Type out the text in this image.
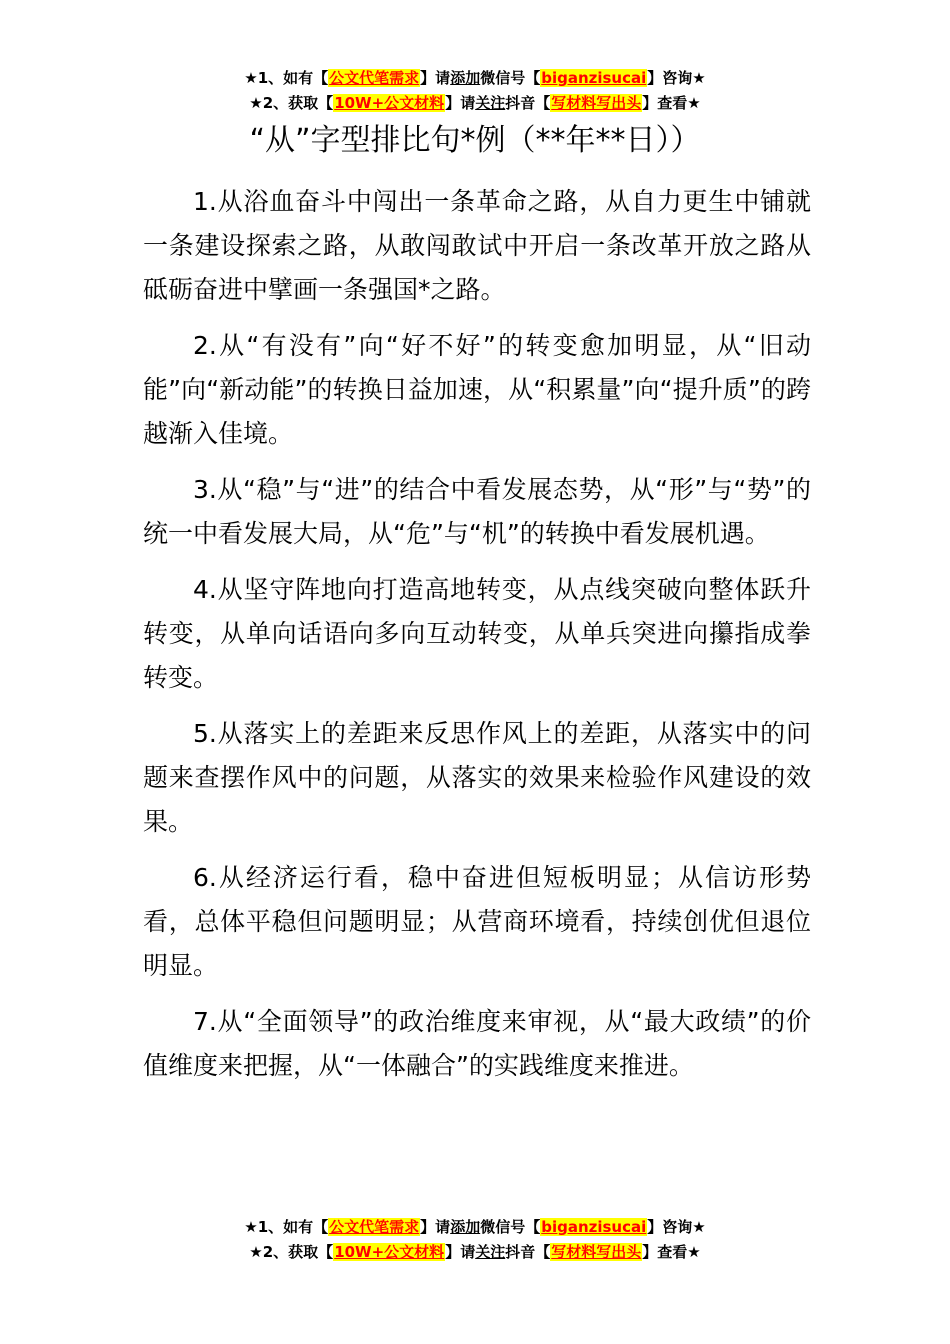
★1、如有【公文代笔需求】请添加微信号【biganzisucai】咨询★
★2、获取【10W+公文材料】请关注抖音【写材料写出头】查看★
“从”字型排比句*例（**年**日））

1.从浴血奋斗中闯出一条革命之路，从自力更生中铺就一条建设探索之路，从敢闯敢试中开启一条改革开放之路从砥砺奋进中擘画一条强国*之路。

2.从“有没有”向“好不好”的转变愈加明显，从“旧动能”向“新动能”的转换日益加速，从“积累量”向“提升质”的跨越渐入佳境。

3.从“稳”与“进”的结合中看发展态势，从“形”与“势”的统一中看发展大局，从“危”与“机”的转换中看发展机遇。

4.从坚守阵地向打造高地转变，从点线突破向整体跃升转变，从单向话语向多向互动转变，从单兵突进向攥指成拳转变。

5.从落实上的差距来反思作风上的差距，从落实中的问题来查摆作风中的问题，从落实的效果来检验作风建设的效果。

6.从经济运行看，稳中奋进但短板明显；从信访形势看，总体平稳但问题明显；从营商环境看，持续创优但退位明显。

7.从“全面领导”的政治维度来审视，从“最大政绩”的价值维度来把握，从“一体融合”的实践维度来推进。

★1、如有【公文代笔需求】请添加微信号【biganzisucai】咨询★
★2、获取【10W+公文材料】请关注抖音【写材料写出头】查看★
